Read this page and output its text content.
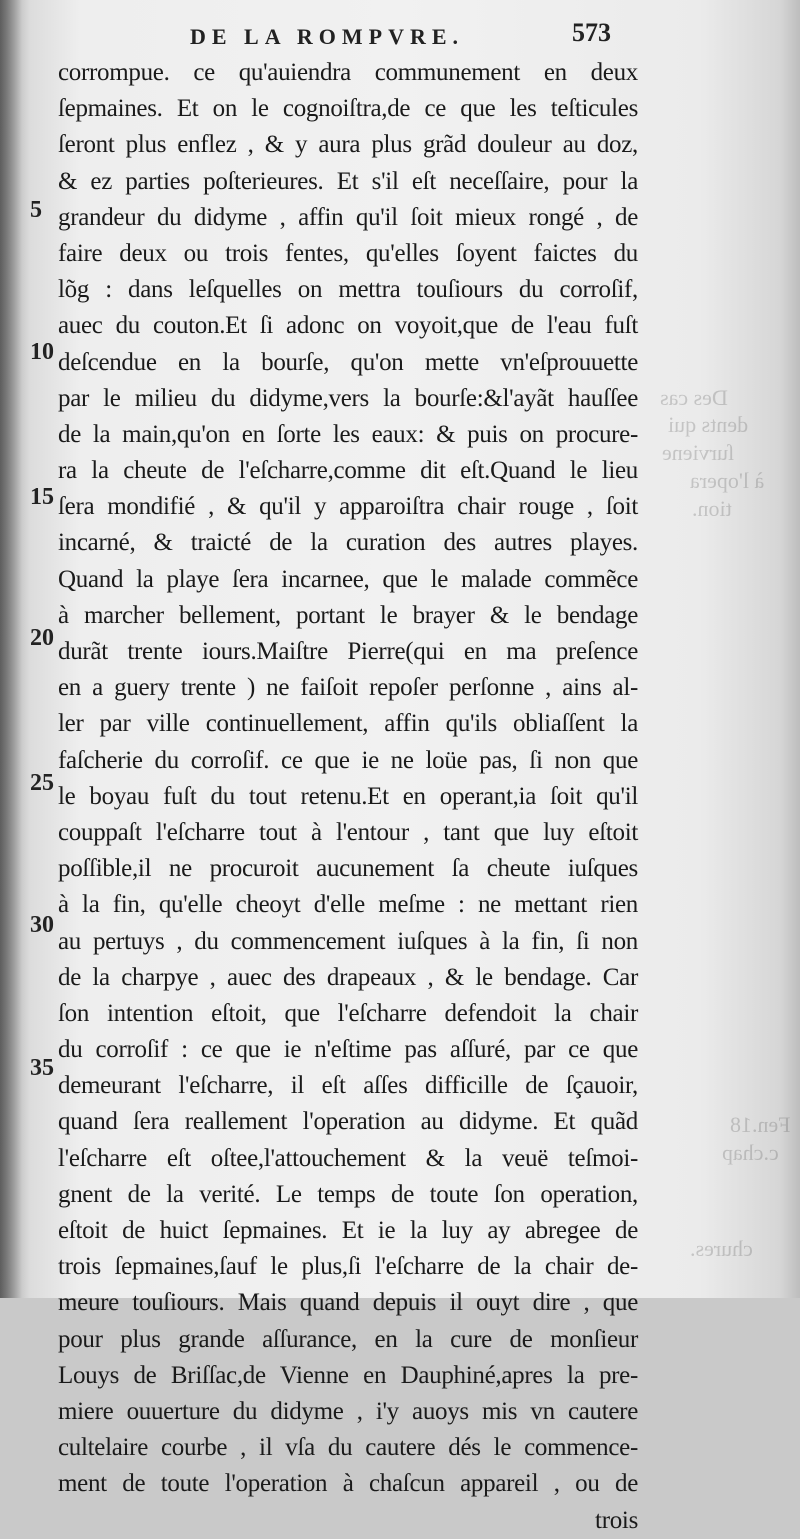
Des cas
dents qui
ſurviene
à l'opera
tion.
Fen.18
c.chap
chures.
DE LA ROMPVRE.	573
5
10
15
20
25
30
35
corrompue. ce qu'auiendra communement en deux
ſepmaines. Et on le cognoiſtra,de ce que les teſticules
ſeront plus enflez , & y aura plus grãd douleur au doz,
& ez parties poſterieures. Et s'il eſt neceſſaire, pour la
grandeur du didyme , affin qu'il ſoit mieux rongé , de
faire deux ou trois fentes, qu'elles ſoyent faictes du
lõg : dans leſquelles on mettra touſiours du corroſif,
auec du couton.Et ſi adonc on voyoit,que de l'eau fuſt
deſcendue en la bourſe, qu'on mette vn'eſprouuette
par le milieu du didyme,vers la bourſe:&l'ayãt hauſſee
de la main,qu'on en ſorte les eaux: & puis on procure-
ra la cheute de l'eſcharre,comme dit eſt.Quand le lieu
ſera mondifié , & qu'il y apparoiſtra chair rouge , ſoit
incarné, & traicté de la curation des autres playes.
Quand la playe ſera incarnee, que le malade commẽce
à marcher bellement, portant le brayer & le bendage
durãt trente iours.Maiſtre Pierre(qui en ma preſence
en a guery trente ) ne faiſoit repoſer perſonne , ains al-
ler par ville continuellement, affin qu'ils obliaſſent la
faſcherie du corroſif. ce que ie ne loüe pas, ſi non que
le boyau fuſt du tout retenu.Et en operant,ia ſoit qu'il
couppaſt l'eſcharre tout à l'entour , tant que luy eſtoit
poſſible,il ne procuroit aucunement ſa cheute iuſques
à la fin, qu'elle cheoyt d'elle meſme : ne mettant rien
au pertuys , du commencement iuſques à la fin, ſi non
de la charpye , auec des drapeaux , & le bendage. Car
ſon intention eſtoit, que l'eſcharre defendoit la chair
du corroſif : ce que ie n'eſtime pas aſſuré, par ce que
demeurant l'eſcharre, il eſt aſſes difficille de ſçauoir,
quand ſera reallement l'operation au didyme. Et quãd
l'eſcharre eſt oſtee,l'attouchement & la veuë teſmoi-
gnent de la verité. Le temps de toute ſon operation,
eſtoit de huict ſepmaines. Et ie la luy ay abregee de
trois ſepmaines,ſauf le plus,ſi l'eſcharre de la chair de-
meure touſiours. Mais quand depuis il ouyt dire , que
pour plus grande aſſurance, en la cure de monſieur
Louys de Briſſac,de Vienne en Dauphiné,apres la pre-
miere ouuerture du didyme , i'y auoys mis vn cautere
cultelaire courbe , il vſa du cautere dés le commence-
ment de toute l'operation à chaſcun appareil , ou de
trois
